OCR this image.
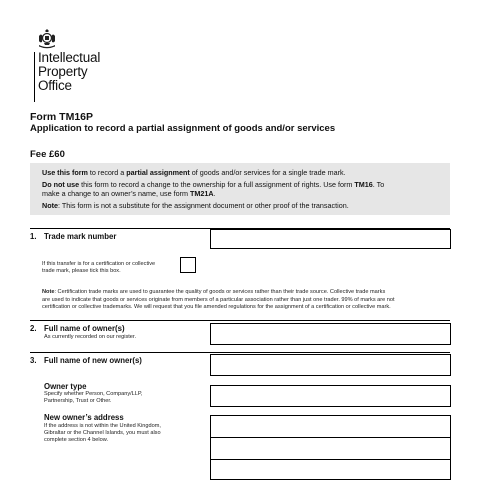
Intellectual
Property
Office
Form TM16P
Application to record a partial assignment of goods and/or services
Fee £60
Use this form to record a partial assignment of goods and/or services for a single trade mark.
Do not use this form to record a change to the ownership for a full assignment of rights. Use form TM16. To
make a change to an owner’s name, use form TM21A.
Note: This form is not a substitute for the assignment document or other proof of the transaction.
1. Trade mark number
If this transfer is for a certification or collective
trade mark, please tick this box.
Note: Certification trade marks are used to guarantee the quality of goods or services rather than their trade source. Collective trade marks
are used to indicate that goods or services originate from members of a particular association rather than just one trader. 99% of marks are not
certification or collective trademarks. We will request that you file amended regulations for the assignment of a certification or collective mark.
2. Full name of owner(s)
As currently recorded on our register.
3. Full name of new owner(s)
Owner type
Specify whether Person, Company/LLP,
Partnership, Trust or Other.
New owner’s address
If the address is not within the United Kingdom,
Gibraltar or the Channel Islands, you must also
complete section 4 below.
